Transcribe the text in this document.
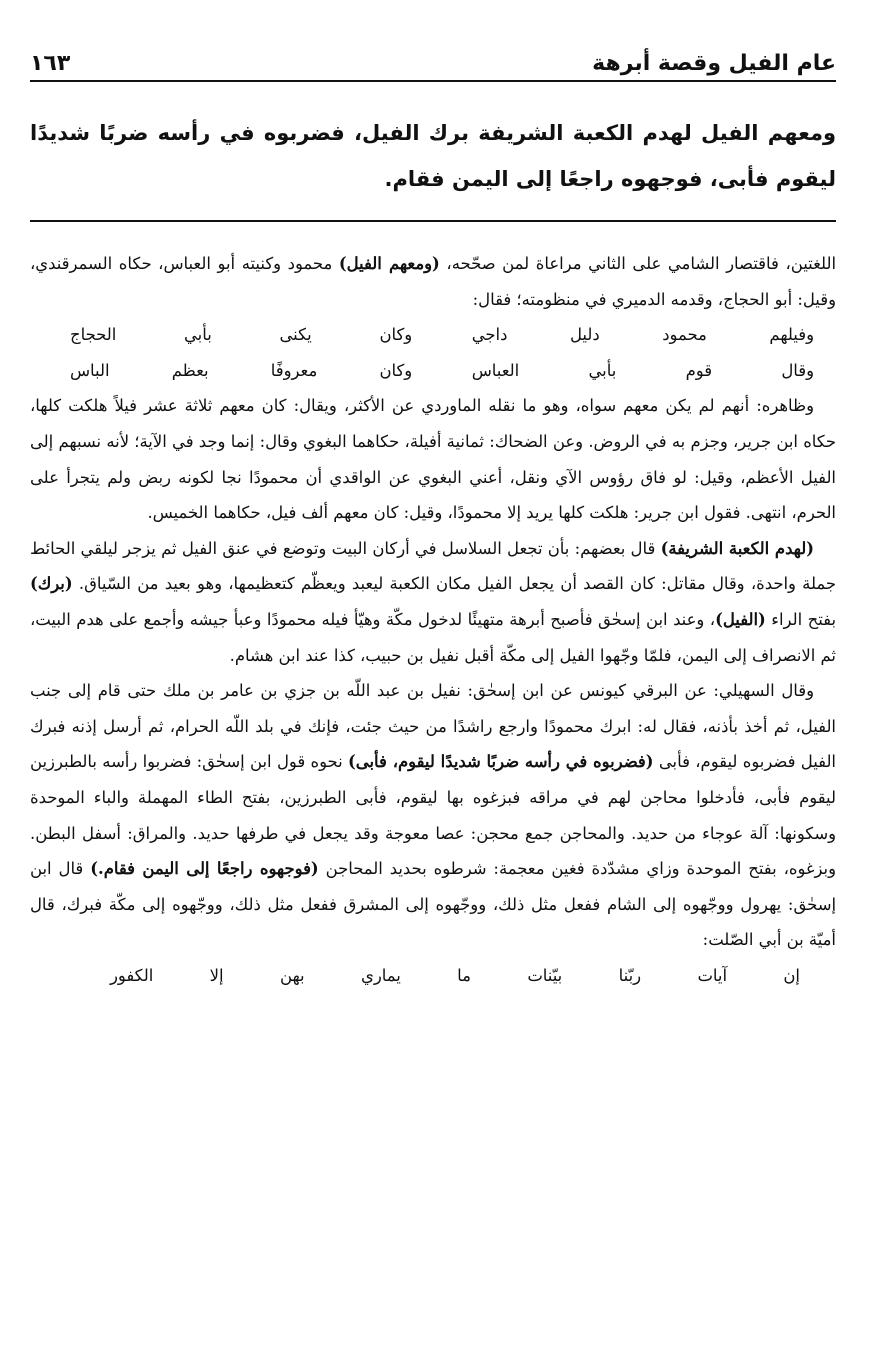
عام الفيل وقصة أبرهة
١٦٣
ومعهم الفيل لهدم الكعبة الشريفة برك الفيل، فضربوه في رأسه ضربًا شديدًا ليقوم فأبى، فوجهوه راجعًا إلى اليمن فقام.

اللغتين، فاقتصار الشامي على الثاني مراعاة لمن صحّحه، (ومعهم الفيل) محمود وكنيته أبو العباس، حكاه السمرقندي، وقيل: أبو الحجاج، وقدمه الدميري في منظومته؛ فقال:

وفيلهم محمود دليل داجي
وكان يكنى بأبي الحجاج
وقال قوم بأبي العباس
وكان معروفًا بعظم الباس

وظاهره: أنهم لم يكن معهم سواه، وهو ما نقله الماوردي عن الأكثر، ويقال: كان معهم ثلاثة عشر فيلاً هلكت كلها، حكاه ابن جرير، وجزم به في الروض. وعن الضحاك: ثمانية أفيلة، حكاهما البغوي وقال: إنما وجد في الآية؛ لأنه نسبهم إلى الفيل الأعظم، وقيل: لو فاق رؤوس الآي ونقل، أعني البغوي عن الواقدي أن محمودًا نجا لكونه ربض ولم يتجرأ على الحرم، انتهى. فقول ابن جرير: هلكت كلها يريد إلا محمودًا، وقيل: كان معهم ألف فيل، حكاهما الخميس.

(لهدم الكعبة الشريفة) قال بعضهم: بأن تجعل السلاسل في أركان البيت وتوضع في عنق الفيل ثم يزجر ليلقي الحائط جملة واحدة، وقال مقاتل: كان القصد أن يجعل الفيل مكان الكعبة ليعبد ويعظّم كتعظيمها، وهو بعيد من السّياق. (برك) بفتح الراء (الفيل)، وعند ابن إسحٰق فأصبح أبرهة متهيئًا لدخول مكّة وهيّأ فيله محمودًا وعبأ جيشه وأجمع على هدم البيت، ثم الانصراف إلى اليمن، فلمّا وجّهوا الفيل إلى مكّة أقبل نفيل بن حبيب، كذا عند ابن هشام.

وقال السهيلي: عن البرقي كيونس عن ابن إسحٰق: نفيل بن عبد اللّه بن جزي بن عامر بن ملك حتى قام إلى جنب الفيل، ثم أخذ بأذنه، فقال له: ابرك محمودًا وارجع راشدًا من حيث جئت، فإنك في بلد اللّه الحرام، ثم أرسل إذنه فبرك الفيل فضربوه ليقوم، فأبى (فضربوه في رأسه ضربًا شديدًا ليقوم، فأبى) نحوه قول ابن إسحٰق: فضربوا رأسه بالطبرزين ليقوم فأبى، فأدخلوا محاجن لهم في مراقه فبزغوه بها ليقوم، فأبى الطبرزين، بفتح الطاء المهملة والباء الموحدة وسكونها: آلة عوجاء من حديد. والمحاجن جمع محجن: عصا معوجة وقد يجعل في طرفها حديد. والمراق: أسفل البطن. وبزغوه، بفتح الموحدة وزاي مشدّدة فغين معجمة: شرطوه بحديد المحاجن (فوجهوه راجعًا إلى اليمن فقام.) قال ابن إسحٰق: يهرول ووجّهوه إلى الشام ففعل مثل ذلك، ووجّهوه إلى المشرق ففعل مثل ذلك، ووجّهوه إلى مكّة فبرك، قال أميّة بن أبي الصّلت:

إن آيات ربّنا بيّنات ما يماري بهن إلا الكفور
